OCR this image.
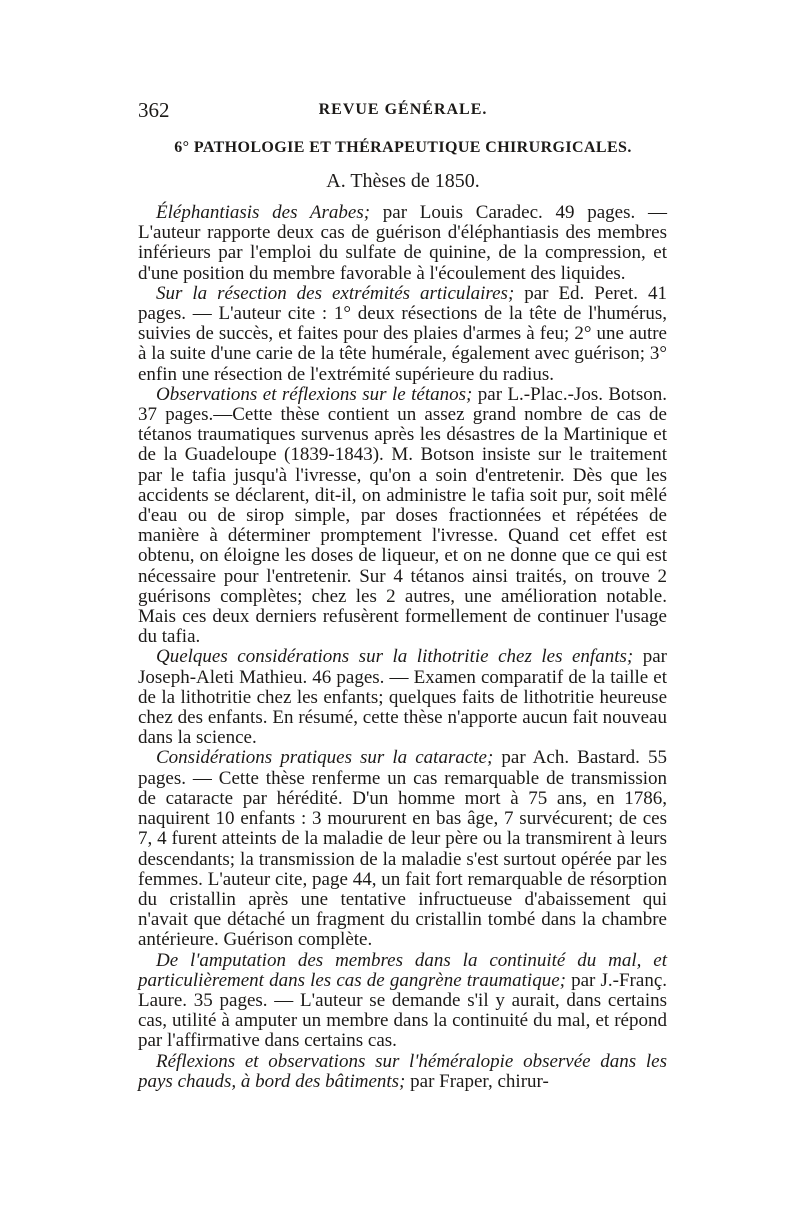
362	REVUE GÉNÉRALE.
6° PATHOLOGIE ET THÉRAPEUTIQUE CHIRURGICALES.
A. Thèses de 1850.

Éléphantiasis des Arabes; par Louis Caradec. 49 pages. — L'auteur rapporte deux cas de guérison d'éléphantiasis des membres inférieurs par l'emploi du sulfate de quinine, de la compression, et d'une position du membre favorable à l'écoulement des liquides.

Sur la résection des extrémités articulaires; par Ed. Peret. 41 pages. — L'auteur cite : 1° deux résections de la tête de l'humérus, suivies de succès, et faites pour des plaies d'armes à feu; 2° une autre à la suite d'une carie de la tête humérale, également avec guérison; 3° enfin une résection de l'extrémité supérieure du radius.

Observations et réflexions sur le tétanos; par L.-Plac.-Jos. Botson. 37 pages.—Cette thèse contient un assez grand nombre de cas de tétanos traumatiques survenus après les désastres de la Martinique et de la Guadeloupe (1839-1843). M. Botson insiste sur le traitement par le tafia jusqu'à l'ivresse, qu'on a soin d'entretenir. Dès que les accidents se déclarent, dit-il, on administre le tafia soit pur, soit mêlé d'eau ou de sirop simple, par doses fractionnées et répétées de manière à déterminer promptement l'ivresse. Quand cet effet est obtenu, on éloigne les doses de liqueur, et on ne donne que ce qui est nécessaire pour l'entretenir. Sur 4 tétanos ainsi traités, on trouve 2 guérisons complètes; chez les 2 autres, une amélioration notable. Mais ces deux derniers refusèrent formellement de continuer l'usage du tafia.

Quelques considérations sur la lithotritie chez les enfants; par Joseph-Aleti Mathieu. 46 pages. — Examen comparatif de la taille et de la lithotritie chez les enfants; quelques faits de lithotritie heureuse chez des enfants. En résumé, cette thèse n'apporte aucun fait nouveau dans la science.

Considérations pratiques sur la cataracte; par Ach. Bastard. 55 pages. — Cette thèse renferme un cas remarquable de transmission de cataracte par hérédité. D'un homme mort à 75 ans, en 1786, naquirent 10 enfants : 3 moururent en bas âge, 7 survécurent; de ces 7, 4 furent atteints de la maladie de leur père ou la transmirent à leurs descendants; la transmission de la maladie s'est surtout opérée par les femmes. L'auteur cite, page 44, un fait fort remarquable de résorption du cristallin après une tentative infructueuse d'abaissement qui n'avait que détaché un fragment du cristallin tombé dans la chambre antérieure. Guérison complète.

De l'amputation des membres dans la continuité du mal, et particulièrement dans les cas de gangrène traumatique; par J.-Franç. Laure. 35 pages. — L'auteur se demande s'il y aurait, dans certains cas, utilité à amputer un membre dans la continuité du mal, et répond par l'affirmative dans certains cas.

Réflexions et observations sur l'héméralopie observée dans les pays chauds, à bord des bâtiments; par Fraper, chirur-
